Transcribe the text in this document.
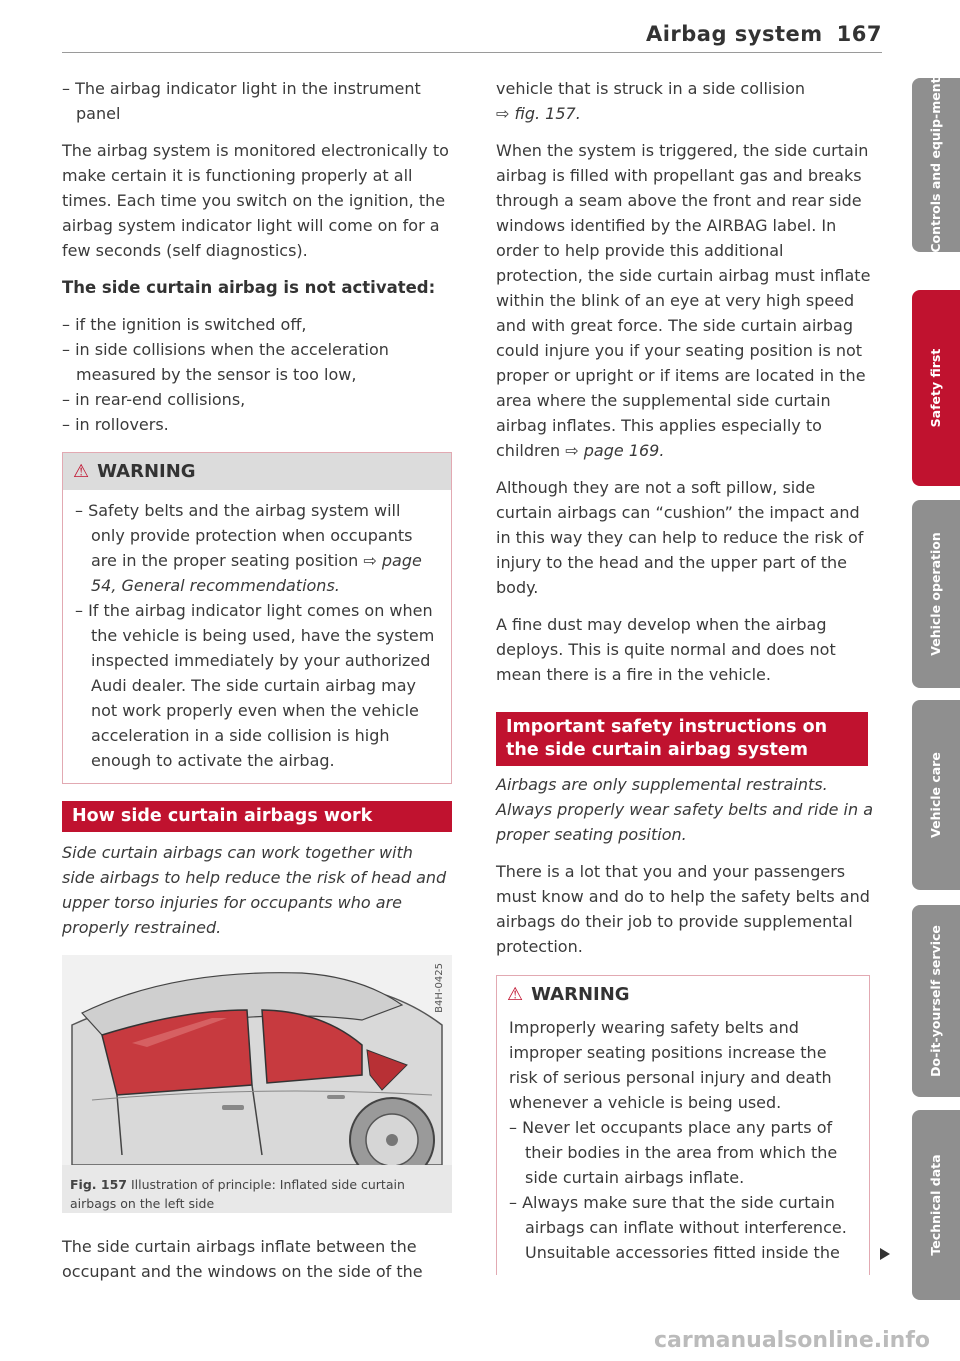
Airbag system 167

– The airbag indicator light in the instrument panel

The airbag system is monitored electronically to make certain it is functioning properly at all times. Each time you switch on the ignition, the airbag system indicator light will come on for a few seconds (self diagnostics).

The side curtain airbag is not activated:

– if the ignition is switched off,

– in side collisions when the acceleration measured by the sensor is too low,

– in rear-end collisions,

– in rollovers.

⚠ WARNING

– Safety belts and the airbag system will only provide protection when occupants are in the proper seating position ⇨ page 54, General recommendations.

– If the airbag indicator light comes on when the vehicle is being used, have the system inspected immediately by your authorized Audi dealer. The side curtain airbag may not work properly even when the vehicle acceleration in a side collision is high enough to activate the airbag.

How side curtain airbags work
Side curtain airbags can work together with side airbags to help reduce the risk of head and upper torso injuries for occupants who are properly restrained.
B4H-0425
Fig. 157 Illustration of principle: Inflated side curtain airbags on the left side
The side curtain airbags inflate between the occupant and the windows on the side of the

vehicle that is struck in a side collision
⇨ fig. 157.

When the system is triggered, the side curtain airbag is filled with propellant gas and breaks through a seam above the front and rear side windows identified by the AIRBAG label. In order to help provide this additional protection, the side curtain airbag must inflate within the blink of an eye at very high speed and with great force. The side curtain airbag could injure you if your seating position is not proper or upright or if items are located in the area where the supplemental side curtain airbag inflates. This applies especially to children ⇨ page 169.

Although they are not a soft pillow, side curtain airbags can “cushion” the impact and in this way they can help to reduce the risk of injury to the head and the upper part of the body.

A fine dust may develop when the airbag deploys. This is quite normal and does not mean there is a fire in the vehicle.

Important safety instructions on the side curtain airbag system

Airbags are only supplemental restraints. Always properly wear safety belts and ride in a proper seating position.

There is a lot that you and your passengers must know and do to help the safety belts and airbags do their job to provide supplemental protection.

⚠ WARNING

Improperly wearing safety belts and improper seating positions increase the risk of serious personal injury and death whenever a vehicle is being used.

– Never let occupants place any parts of their bodies in the area from which the side curtain airbags inflate.

– Always make sure that the side curtain airbags can inflate without interference. Unsuitable accessories fitted inside the

Controls and equip-ment
Safety first
Vehicle operation
Vehicle care
Do-it-yourself service
Technical data
carmanualsonline.info
